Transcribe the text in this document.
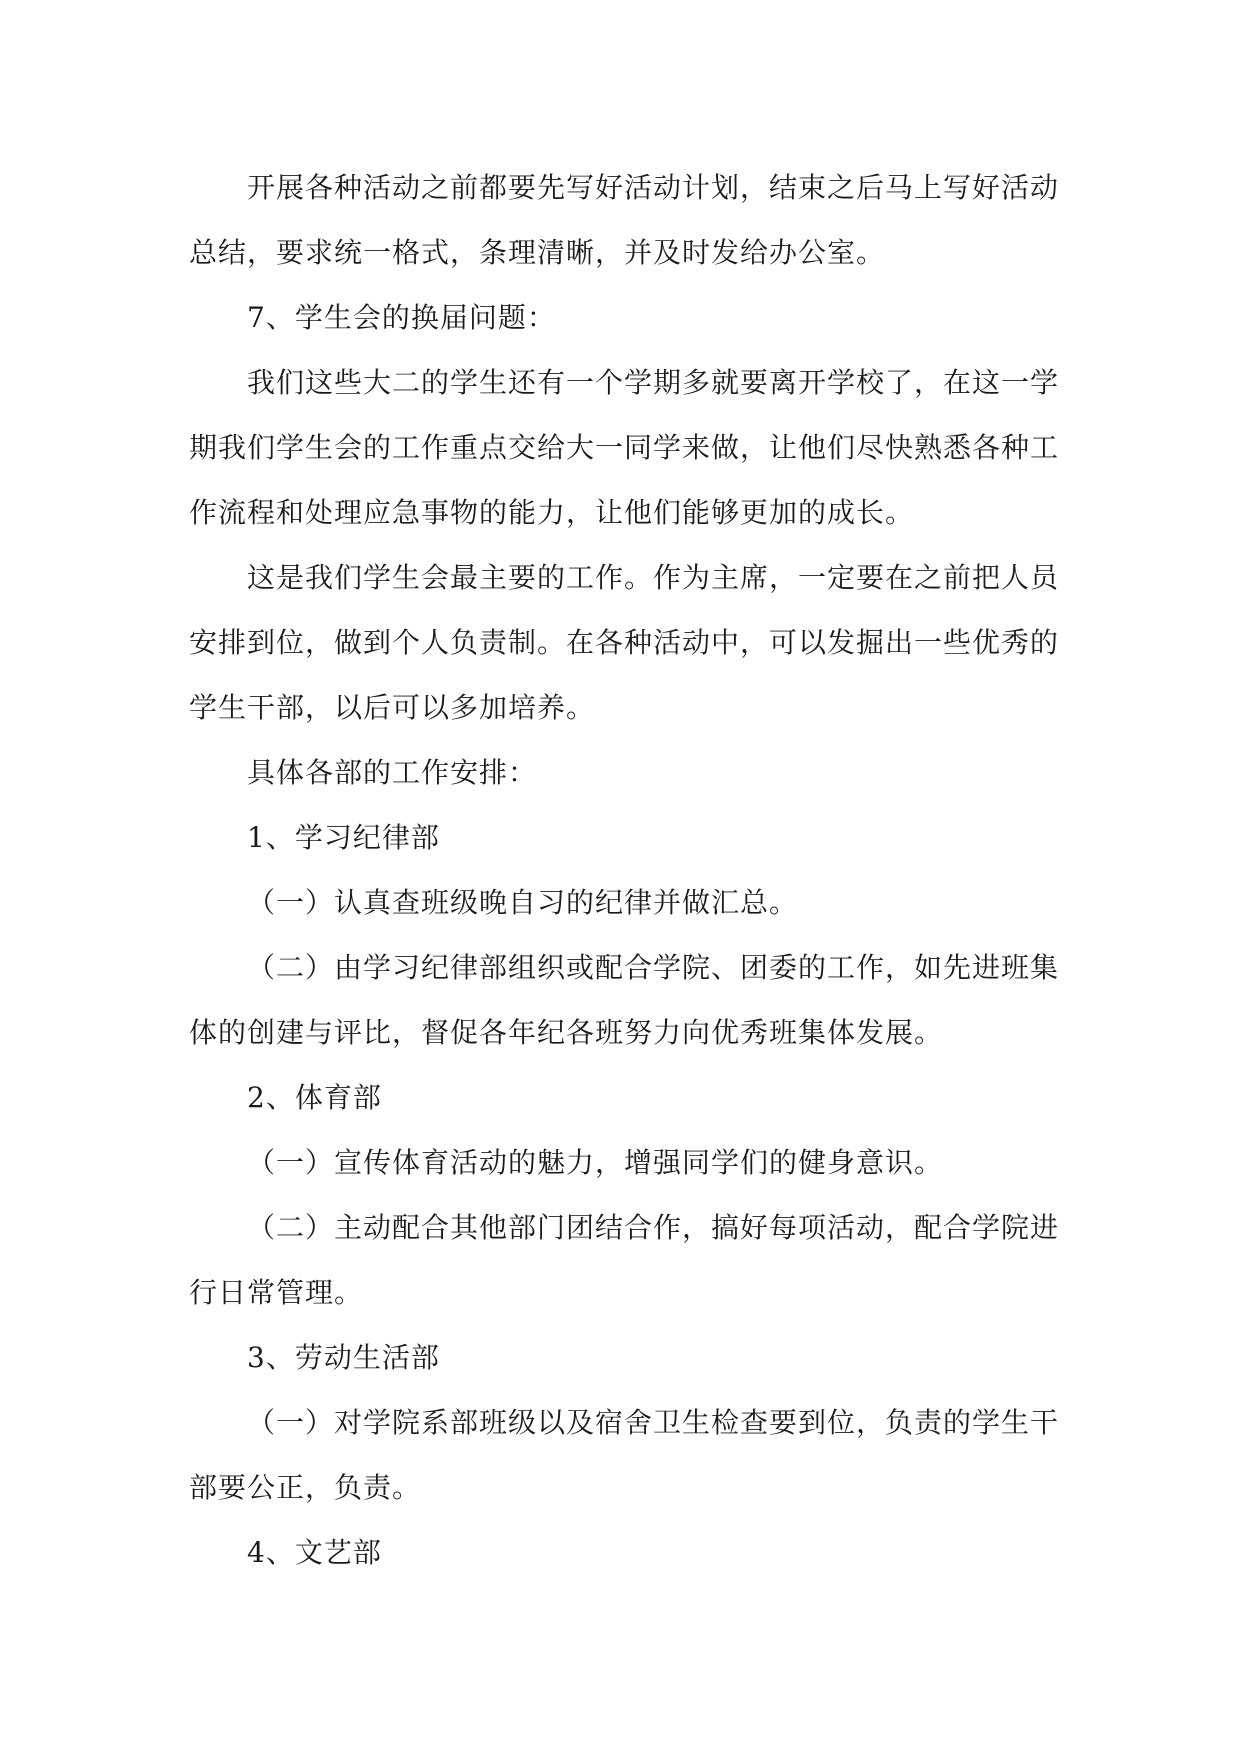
开展各种活动之前都要先写好活动计划，结束之后马上写好活动总结，要求统一格式，条理清晰，并及时发给办公室。

7、学生会的换届问题：

我们这些大二的学生还有一个学期多就要离开学校了，在这一学期我们学生会的工作重点交给大一同学来做，让他们尽快熟悉各种工作流程和处理应急事物的能力，让他们能够更加的成长。

这是我们学生会最主要的工作。作为主席，一定要在之前把人员安排到位，做到个人负责制。在各种活动中，可以发掘出一些优秀的学生干部，以后可以多加培养。

具体各部的工作安排：

1、学习纪律部

（一）认真查班级晚自习的纪律并做汇总。

（二）由学习纪律部组织或配合学院、团委的工作，如先进班集体的创建与评比，督促各年纪各班努力向优秀班集体发展。

2、体育部

（一）宣传体育活动的魅力，增强同学们的健身意识。

（二）主动配合其他部门团结合作，搞好每项活动，配合学院进行日常管理。

3、劳动生活部

（一）对学院系部班级以及宿舍卫生检查要到位，负责的学生干部要公正，负责。

4、文艺部
